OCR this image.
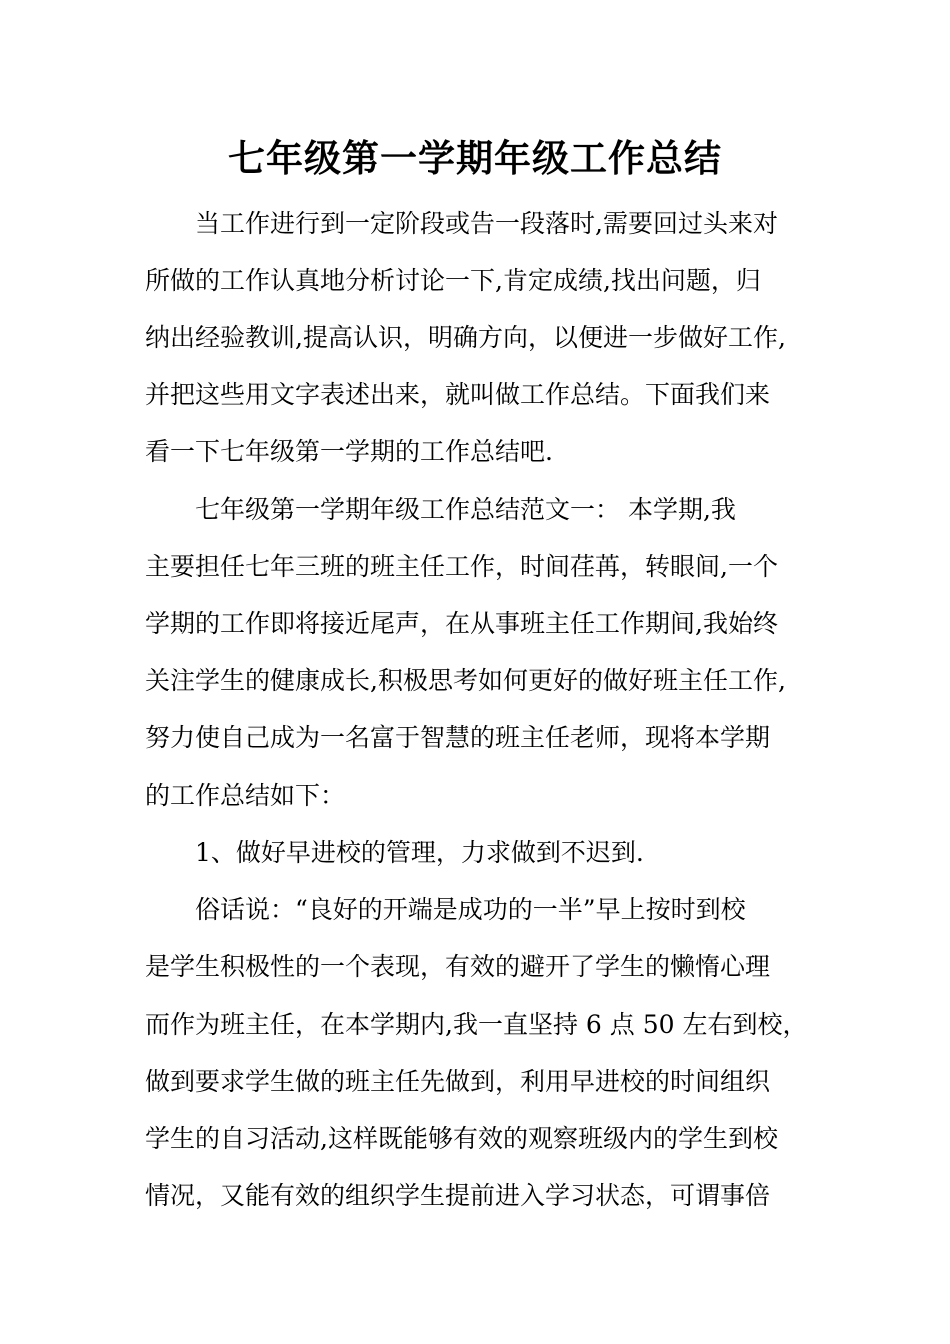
七年级第一学期年级工作总结
当工作进行到一定阶段或告一段落时,需要回过头来对
所做的工作认真地分析讨论一下,肯定成绩,找出问题，归
纳出经验教训,提高认识，明确方向，以便进一步做好工作,
并把这些用文字表述出来，就叫做工作总结。下面我们来
看一下七年级第一学期的工作总结吧.
七年级第一学期年级工作总结范文一： 本学期,我
主要担任七年三班的班主任工作，时间荏苒，转眼间,一个
学期的工作即将接近尾声，在从事班主任工作期间,我始终
关注学生的健康成长,积极思考如何更好的做好班主任工作,
努力使自己成为一名富于智慧的班主任老师，现将本学期
的工作总结如下：
1、做好早进校的管理，力求做到不迟到.
俗话说：“良好的开端是成功的一半”早上按时到校
是学生积极性的一个表现，有效的避开了学生的懒惰心理
而作为班主任，在本学期内,我一直坚持 6 点 50 左右到校，
做到要求学生做的班主任先做到，利用早进校的时间组织
学生的自习活动,这样既能够有效的观察班级内的学生到校
情况，又能有效的组织学生提前进入学习状态，可谓事倍
